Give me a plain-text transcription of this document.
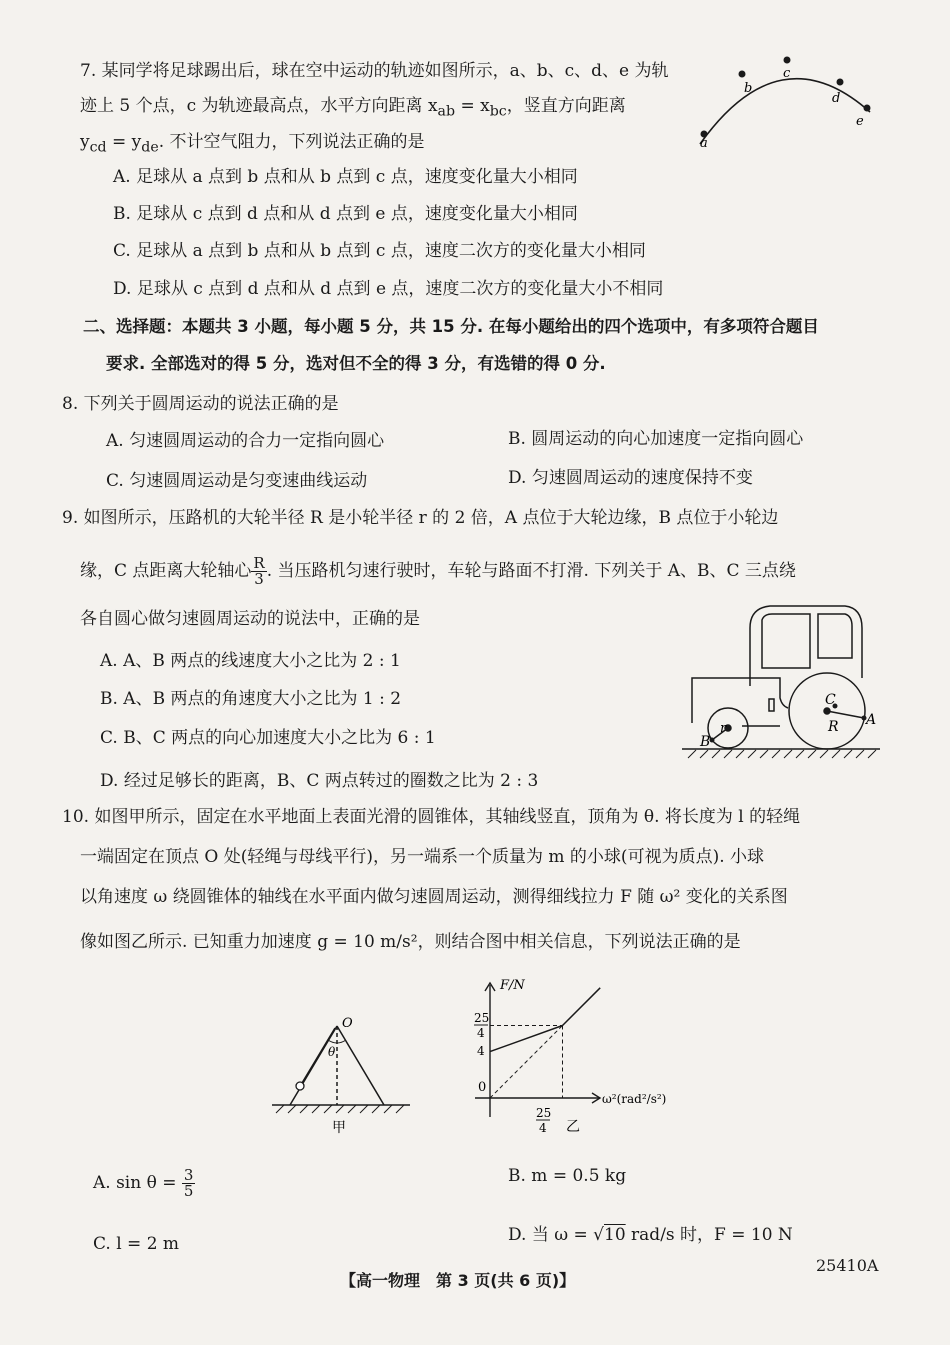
7. 某同学将足球踢出后，球在空中运动的轨迹如图所示，a、b、c、d、e 为轨
迹上 5 个点，c 为轨迹最高点，水平方向距离 $x_{ab} = x_{bc}$，竖直方向距离
$y_{cd} = y_{de}$. 不计空气阻力，下列说法正确的是
A. 足球从 a 点到 b 点和从 b 点到 c 点，速度变化量大小相同
B. 足球从 c 点到 d 点和从 d 点到 e 点，速度变化量大小相同
C. 足球从 a 点到 b 点和从 b 点到 c 点，速度二次方的变化量大小相同
D. 足球从 c 点到 d 点和从 d 点到 e 点，速度二次方的变化量大小不相同
a
b
c
d
e
二、选择题：本题共 3 小题，每小题 5 分，共 15 分. 在每小题给出的四个选项中，有多项符合题目
要求. 全部选对的得 5 分，选对但不全的得 3 分，有选错的得 0 分.
8. 下列关于圆周运动的说法正确的是
A. 匀速圆周运动的合力一定指向圆心	B. 圆周运动的向心加速度一定指向圆心
C. 匀速圆周运动是匀变速曲线运动	D. 匀速圆周运动的速度保持不变
9. 如图所示，压路机的大轮半径 R 是小轮半径 r 的 2 倍，A 点位于大轮边缘，B 点位于小轮边
缘，C 点距离大轮轴心 $\frac{R}{3}$ . 当压路机匀速行驶时，车轮与路面不打滑. 下列关于 A、B、C 三点绕
各自圆心做匀速圆周运动的说法中，正确的是
A. A、B 两点的线速度大小之比为 2 : 1
B. A、B 两点的角速度大小之比为 1 : 2
C. B、C 两点的向心加速度大小之比为 6 : 1
D. 经过足够长的距离，B、C 两点转过的圈数之比为 2 : 3
C
R A
B
r
10. 如图甲所示，固定在水平地面上表面光滑的圆锥体，其轴线竖直，顶角为 θ. 将长度为 l 的轻绳
一端固定在顶点 O 处(轻绳与母线平行)，另一端系一个质量为 m 的小球(可视为质点). 小球
以角速度 ω 绕圆锥体的轴线在水平面内做匀速圆周运动，测得细线拉力 F 随 ω² 变化的关系图
像如图乙所示. 已知重力加速度 g = 10 m/s²，则结合图中相关信息，下列说法正确的是
O
θ
甲
F/N
ω²(rad²/s²)
0
25
4
4
25
4 乙
A. $\sin \theta = \frac{3}{5}$	B. m = 0.5 kg
C. l = 2 m	D. 当 ω = √10 rad/s 时，F = 10 N
【高一物理　第 3 页(共 6 页)】
25410A
